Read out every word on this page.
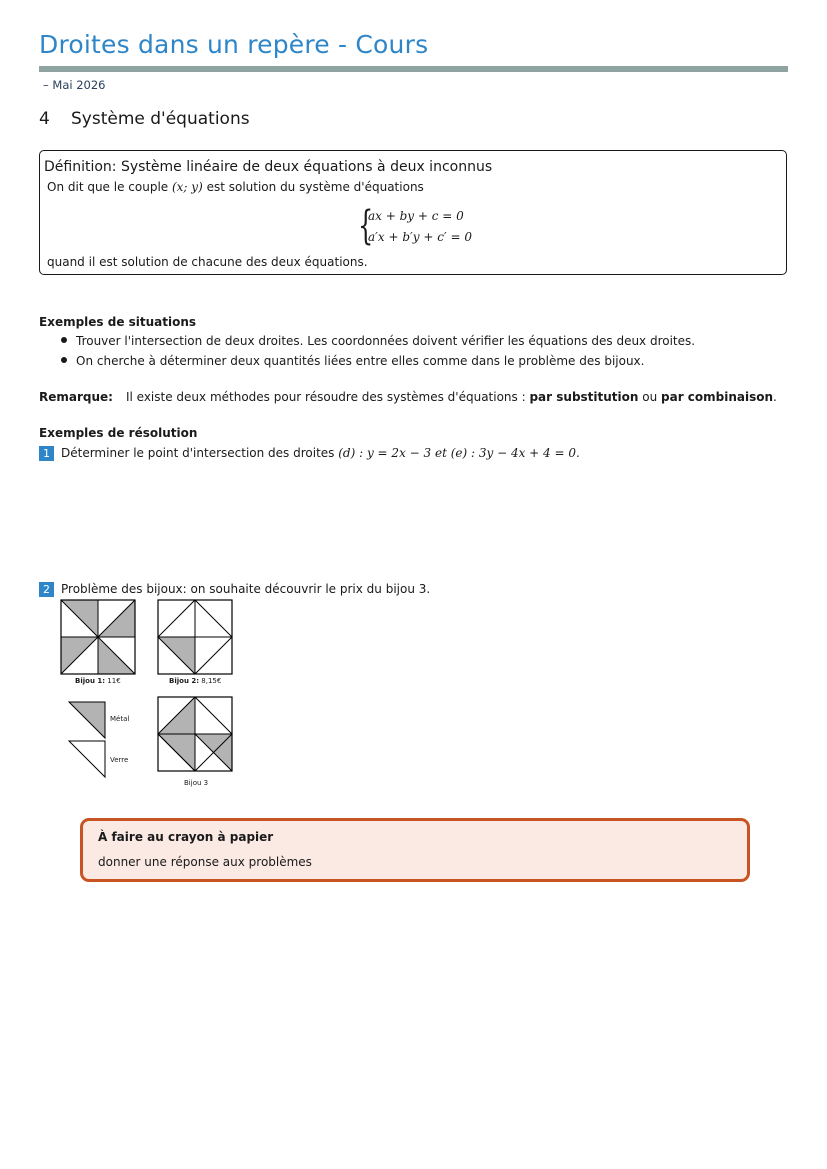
Droites dans un repère - Cours
– Mai 2026
4 Système d'équations
Définition: Système linéaire de deux équations à deux inconnus
On dit que le couple (x; y) est solution du système d'équations
{
ax + by + c = 0
a′x + b′y + c′ = 0
quand il est solution de chacune des deux équations.
Exemples de situations
Trouver l'intersection de deux droites. Les coordonnées doivent vérifier les équations des deux droites.
On cherche à déterminer deux quantités liées entre elles comme dans le problème des bijoux.
Remarque: Il existe deux méthodes pour résoudre des systèmes d'équations : par substitution ou par combinaison.
Exemples de résolution
1 Déterminer le point d'intersection des droites (d) : y = 2x − 3 et (e) : 3y − 4x + 4 = 0.
2 Problème des bijoux: on souhaite découvrir le prix du bijou 3.
Bijou 1: 11€	Bijou 2: 8,15€
Métal
Verre
Bijou 3
À faire au crayon à papier
donner une réponse aux problèmes
